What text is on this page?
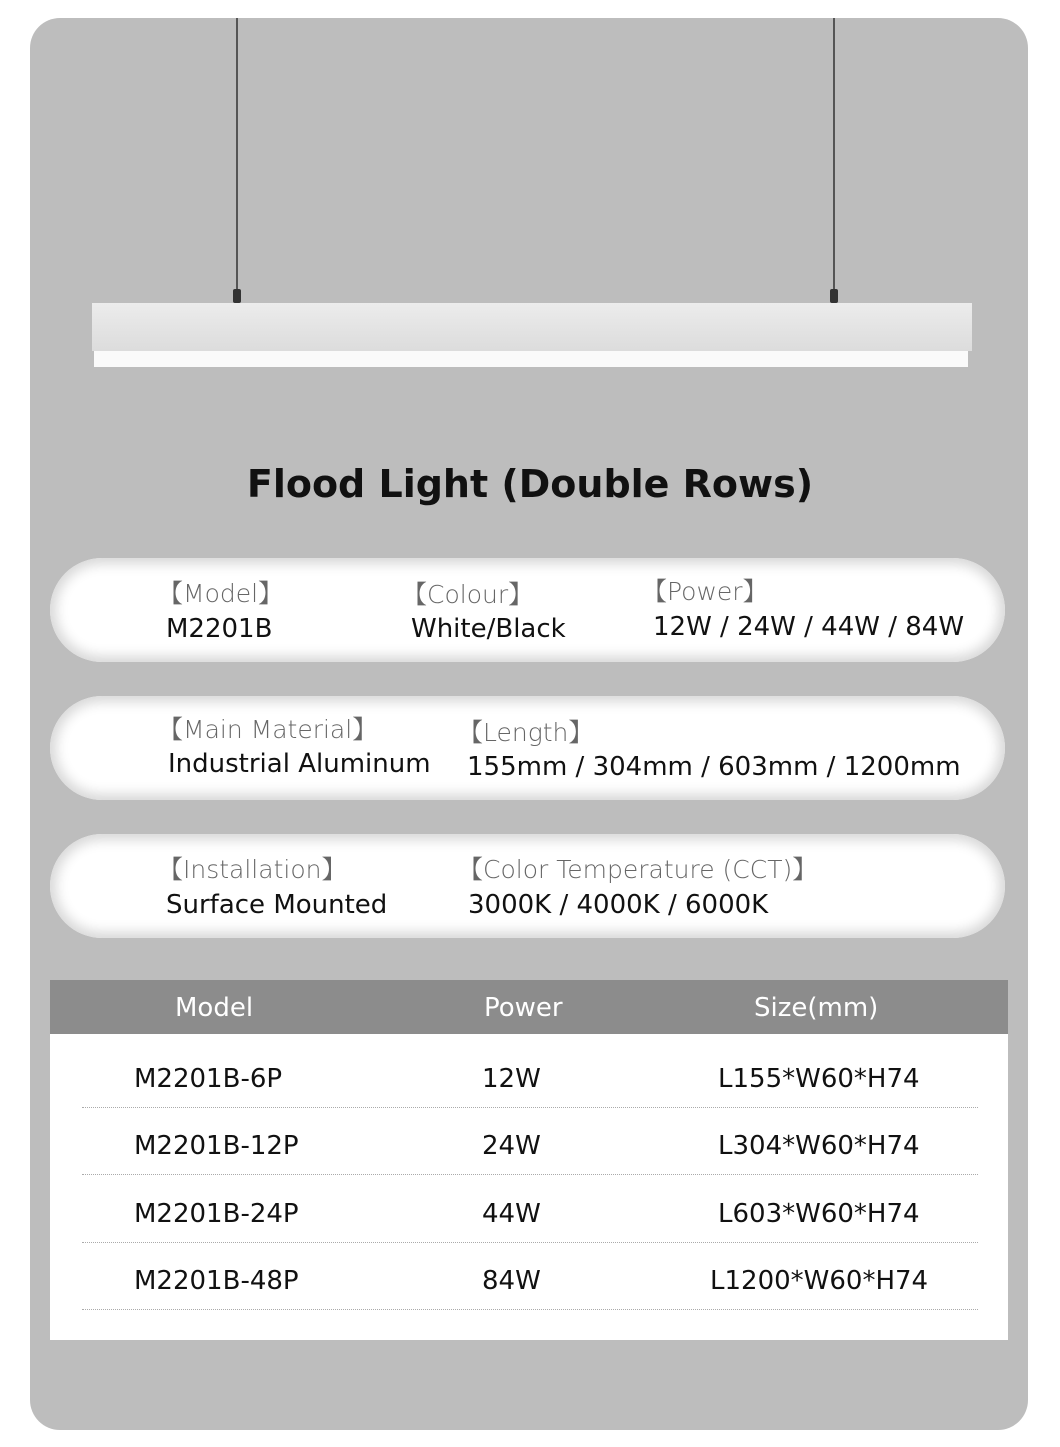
Flood Light (Double Rows)
【Model】
M2201B
【Colour】
White/Black
【Power】
12W / 24W / 44W / 84W
【Main Material】
Industrial Aluminum
【Length】
155mm / 304mm / 603mm / 1200mm
【Installation】
Surface Mounted
【Color Temperature (CCT)】
3000K / 4000K / 6000K
Model	Power	Size(mm)
M2201B-6P	12W	L155*W60*H74
M2201B-12P	24W	L304*W60*H74
M2201B-24P	44W	L603*W60*H74
M2201B-48P	84W	L1200*W60*H74
